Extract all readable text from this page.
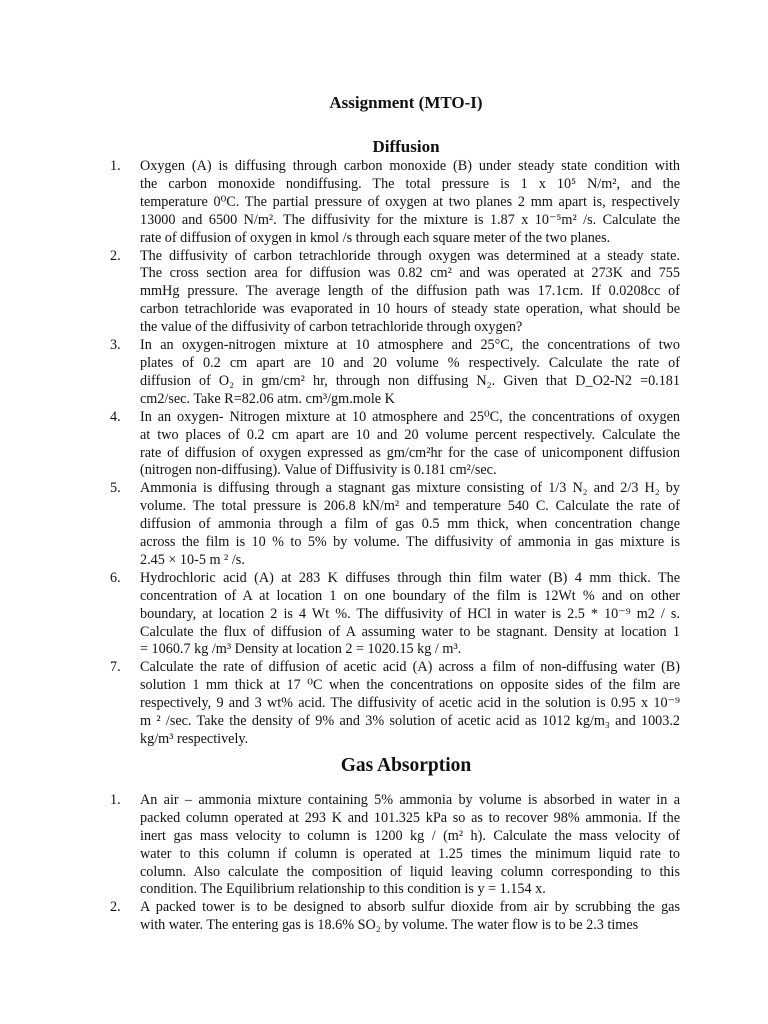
Assignment (MTO-I)
Diffusion
1.	Oxygen (A) is diffusing through carbon monoxide (B) under steady state condition with
the carbon monoxide nondiffusing. The total pressure is 1 x 10⁵ N/m², and the
temperature 0⁰C. The partial pressure of oxygen at two planes 2 mm apart is, respectively
13000 and 6500 N/m². The diffusivity for the mixture is 1.87 x 10⁻⁵m² /s. Calculate the
rate of diffusion of oxygen in kmol /s through each square meter of the two planes.
2.	The diffusivity of carbon tetrachloride through oxygen was determined at a steady state.
The cross section area for diffusion was 0.82 cm² and was operated at 273K and 755
mmHg pressure. The average length of the diffusion path was 17.1cm. If 0.0208cc of
carbon tetrachloride was evaporated in 10 hours of steady state operation, what should be
the value of the diffusivity of carbon tetrachloride through oxygen?
3.	In an oxygen-nitrogen mixture at 10 atmosphere and 25°C, the concentrations of two
plates of 0.2 cm apart are 10 and 20 volume % respectively. Calculate the rate of
diffusion of O₂ in gm/cm² hr, through non diffusing N₂. Given that D_O2-N2 =0.181
cm2/sec. Take R=82.06 atm. cm³/gm.mole K
4.	In an oxygen- Nitrogen mixture at 10 atmosphere and 25⁰C, the concentrations of oxygen
at two places of 0.2 cm apart are 10 and 20 volume percent respectively. Calculate the
rate of diffusion of oxygen expressed as gm/cm²hr for the case of unicomponent diffusion
(nitrogen non-diffusing). Value of Diffusivity is 0.181 cm²/sec.
5.	Ammonia is diffusing through a stagnant gas mixture consisting of 1/3 N₂ and 2/3 H₂ by
volume. The total pressure is 206.8 kN/m² and temperature 540 C. Calculate the rate of
diffusion of ammonia through a film of gas 0.5 mm thick, when concentration change
across the film is 10 % to 5% by volume. The diffusivity of ammonia in gas mixture is
2.45 × 10-5 m ² /s.
6.	Hydrochloric acid (A) at 283 K diffuses through thin film water (B) 4 mm thick. The
concentration of A at location 1 on one boundary of the film is 12Wt % and on other
boundary, at location 2 is 4 Wt %. The diffusivity of HCl in water is 2.5 * 10⁻⁹ m2 / s.
Calculate the flux of diffusion of A assuming water to be stagnant. Density at location 1
= 1060.7 kg /m³ Density at location 2 = 1020.15 kg / m³.
7.	Calculate the rate of diffusion of acetic acid (A) across a film of non-diffusing water (B)
solution 1 mm thick at 17 ⁰C when the concentrations on opposite sides of the film are
respectively, 9 and 3 wt% acid. The diffusivity of acetic acid in the solution is 0.95 x 10⁻⁹
m ² /sec. Take the density of 9% and 3% solution of acetic acid as 1012 kg/m₃ and 1003.2
kg/m³ respectively.
Gas Absorption
1.	An air – ammonia mixture containing 5% ammonia by volume is absorbed in water in a
packed column operated at 293 K and 101.325 kPa so as to recover 98% ammonia. If the
inert gas mass velocity to column is 1200 kg / (m² h). Calculate the mass velocity of
water to this column if column is operated at 1.25 times the minimum liquid rate to
column. Also calculate the composition of liquid leaving column corresponding to this
condition. The Equilibrium relationship to this condition is y = 1.154 x.
2.	A packed tower is to be designed to absorb sulfur dioxide from air by scrubbing the gas
with water. The entering gas is 18.6% SO₂ by volume. The water flow is to be 2.3 times
